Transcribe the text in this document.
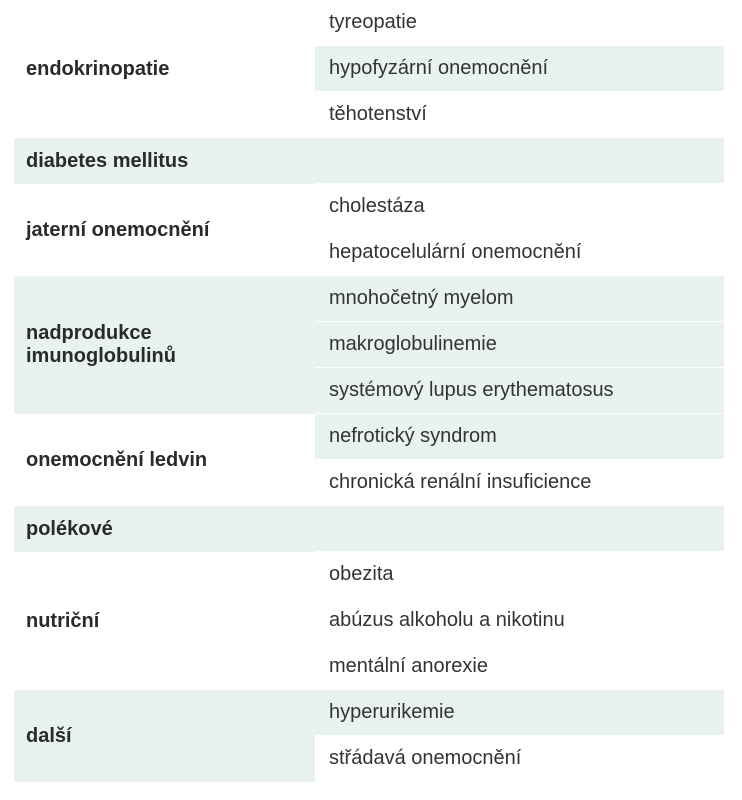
endokrinopatie	tyreopatie
	hypofyzární onemocnění
	těhotenství
diabetes mellitus	
jaterní onemocnění	cholestáza
	hepatocelulární onemocnění
nadprodukce imunoglobulinů	mnohočetný myelom
	makroglobulinemie
	systémový lupus erythematosus
onemocnění ledvin	nefrotický syndrom
	chronická renální insuficience
polékové	
nutriční	obezita
	abúzus alkoholu a nikotinu
	mentální anorexie
další	hyperurikemie
	střádavá onemocnění
